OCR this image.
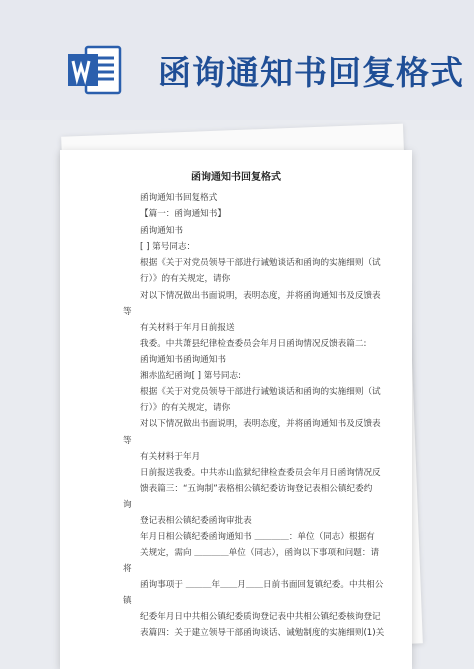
函询通知书回复格式
函询通知书回复格式
函询通知书回复格式
【篇一：函询通知书】
函询通知书
[ ] 第号同志：
根据《关于对党员领导干部进行诫勉谈话和函询的实施细则（试
行）》的有关规定，请你
对以下情况做出书面说明，表明态度，并将函询通知书及反馈表
等
有关材料于年月日前报送
我委。中共萧县纪律检查委员会年月日函询情况反馈表篇二:
函询通知书函询通知书
湘赤监纪函询[ ] 第号同志:
根据《关于对党员领导干部进行诫勉谈话和函询的实施细则（试
行）》的有关规定，请你
对以下情况做出书面说明，表明态度，并将函询通知书及反馈表
等
有关材料于年月
日前报送我委。中共赤山监狱纪律检查委员会年月日函询情况反
馈表篇三：“五询制”表格相公镇纪委访询登记表相公镇纪委约
询
登记表相公镇纪委函询审批表
年月日相公镇纪委函询通知书 ＿＿＿＿：单位（同志）根据有
关规定，需向 ＿＿＿＿单位（同志），函询以下事项和问题：请
将
函询事项于 ＿＿＿年＿＿月＿＿日前书面回复镇纪委。中共相公
镇
纪委年月日中共相公镇纪委质询登记表中共相公镇纪委核询登记
表篇四：关于建立领导干部函询谈话、诫勉制度的实施细则(1)关
